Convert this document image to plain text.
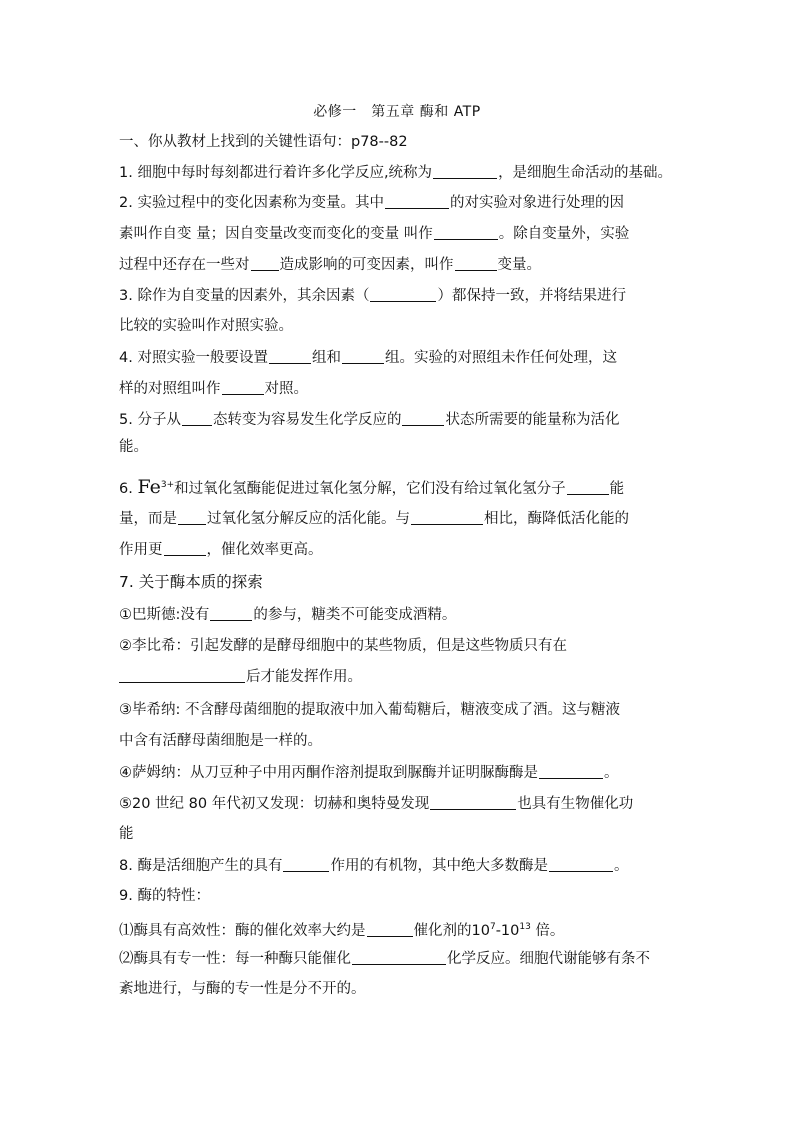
必修一　第五章 酶和 ATP
一、你从教材上找到的关键性语句：p78--82
1. 细胞中每时每刻都进行着许多化学反应,统称为	，是细胞生命活动的基础。
2. 实验过程中的变化因素称为变量。其中	的对实验对象进行处理的因
素叫作自变 量；因自变量改变而变化的变量 叫作	。除自变量外，实验
过程中还存在一些对 造成影响的可变因素，叫作	变量。
3. 除作为自变量的因素外，其余因素（	）都保持一致，并将结果进行
比较的实验叫作对照实验。
4. 对照实验一般要设置	组和	组。实验的对照组未作任何处理，这
样的对照组叫作	对照。
5. 分子从 态转变为容易发生化学反应的	状态所需要的能量称为活化
能。
6. $Fe^{3+}$和过氧化氢酶能促进过氧化氢分解，它们没有给过氧化氢分子	能
量，而是 过氧化氢分解反应的活化能。与	相比，酶降低活化能的
作用更	，催化效率更高。
7. 关于酶本质的探索
①巴斯德:没有	的参与，糖类不可能变成酒精。
②李比希：引起发酵的是酵母细胞中的某些物质，但是这些物质只有在
后才能发挥作用。
③毕希纳: 不含酵母菌细胞的提取液中加入葡萄糖后，糖液变成了酒。这与糖液
中含有活酵母菌细胞是一样的。
④萨姆纳：从刀豆种子中用丙酮作溶剂提取到脲酶并证明脲酶酶是	。
⑤20 世纪 80 年代初又发现：切赫和奥特曼发现	也具有生物催化功
能
8. 酶是活细胞产生的具有	作用的有机物，其中绝大多数酶是	。
9. 酶的特性：
⑴酶具有高效性：酶的催化效率大约是	催化剂的$10^7-10^{13}$ 倍。
⑵酶具有专一性：每一种酶只能催化	化学反应。细胞代谢能够有条不
紊地进行，与酶的专一性是分不开的。
